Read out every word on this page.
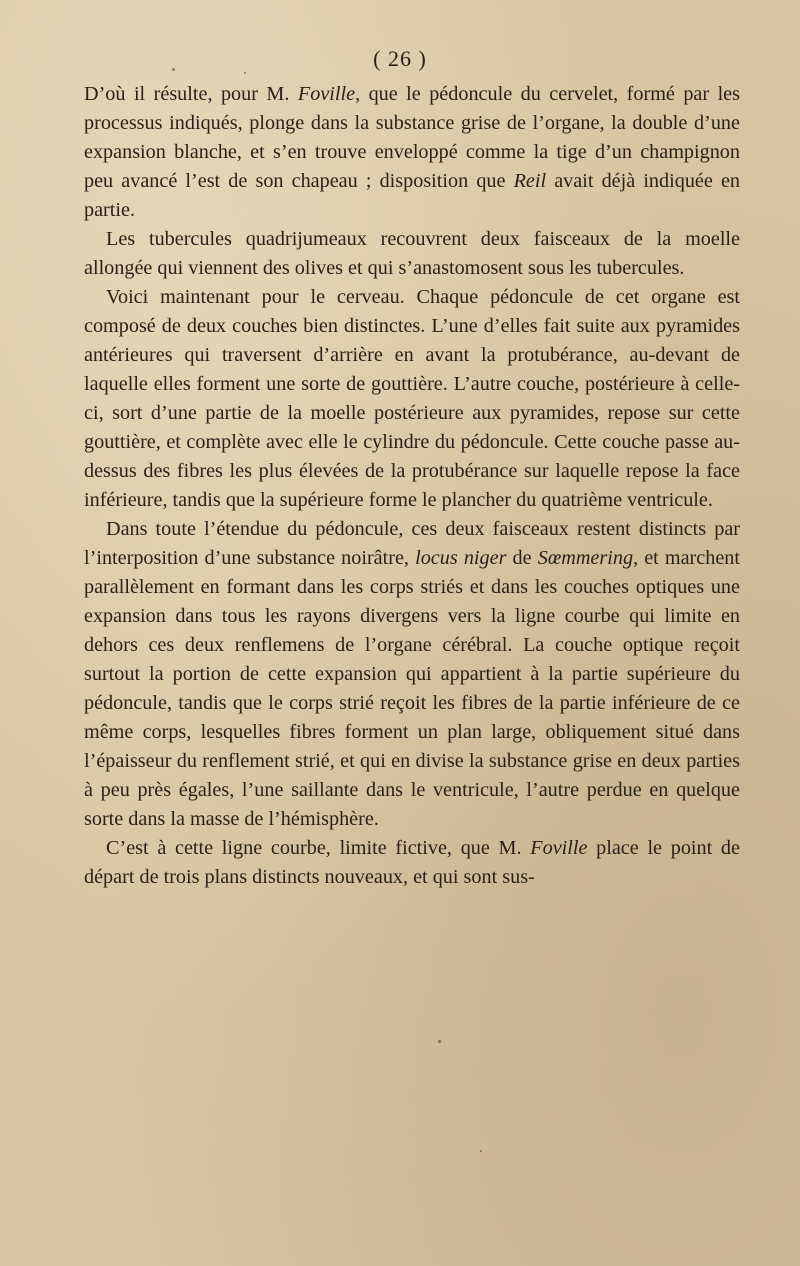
( 26 )

D’où il résulte, pour M. Foville, que le pédoncule du cervelet, formé par les processus indiqués, plonge dans la substance grise de l’organe, la double d’une expansion blanche, et s’en trouve enveloppé comme la tige d’un champignon peu avancé l’est de son chapeau ; disposition que Reil avait déjà indiquée en partie.

Les tubercules quadrijumeaux recouvrent deux faisceaux de la moelle allongée qui viennent des olives et qui s’anastomosent sous les tubercules.

Voici maintenant pour le cerveau. Chaque pédoncule de cet organe est composé de deux couches bien distinctes. L’une d’elles fait suite aux pyramides antérieures qui traversent d’arrière en avant la protubérance, au-devant de laquelle elles forment une sorte de gouttière. L’autre couche, postérieure à celle-ci, sort d’une partie de la moelle postérieure aux pyramides, repose sur cette gouttière, et complète avec elle le cylindre du pédoncule. Cette couche passe au-dessus des fibres les plus élevées de la protubérance sur laquelle repose la face inférieure, tandis que la supérieure forme le plancher du quatrième ventricule.

Dans toute l’étendue du pédoncule, ces deux faisceaux restent distincts par l’interposition d’une substance noirâtre, locus niger de Sœmmering, et marchent parallèlement en formant dans les corps striés et dans les couches optiques une expansion dans tous les rayons divergens vers la ligne courbe qui limite en dehors ces deux renflemens de l’organe cérébral. La couche optique reçoit surtout la portion de cette expansion qui appartient à la partie supérieure du pédoncule, tandis que le corps strié reçoit les fibres de la partie inférieure de ce même corps, lesquelles fibres forment un plan large, obliquement situé dans l’épaisseur du renflement strié, et qui en divise la substance grise en deux parties à peu près égales, l’une saillante dans le ventricule, l’autre perdue en quelque sorte dans la masse de l’hémisphère.

C’est à cette ligne courbe, limite fictive, que M. Foville place le point de départ de trois plans distincts nouveaux, et qui sont sus-
